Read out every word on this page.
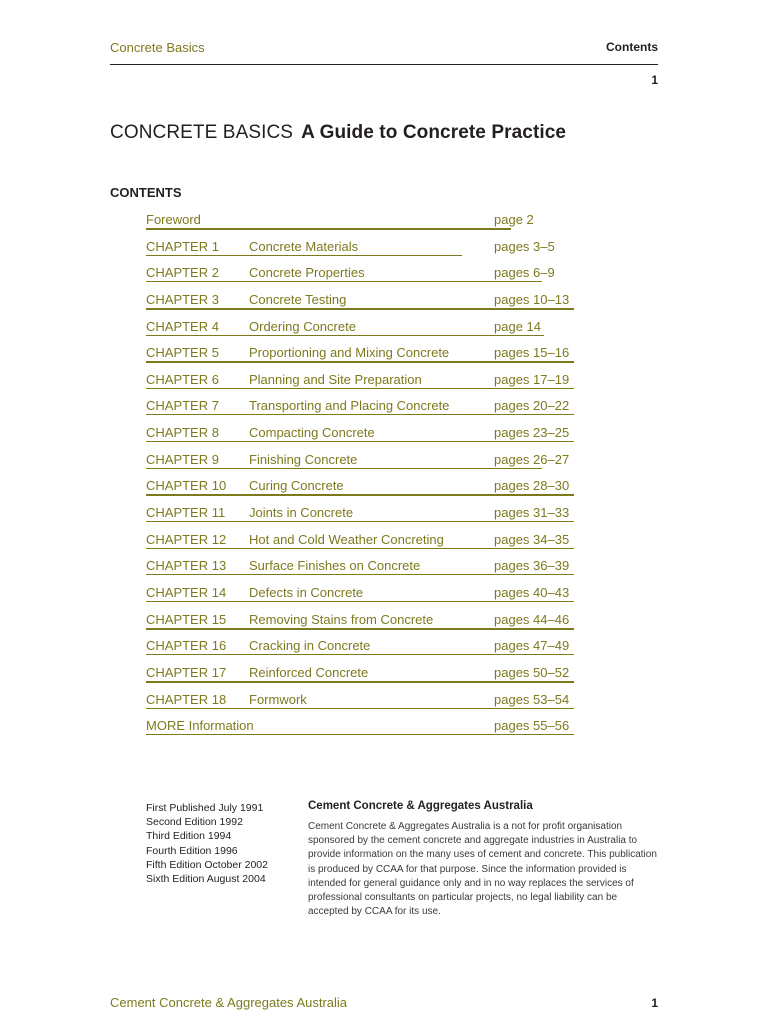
Concrete Basics	Contents
1
CONCRETE BASICS A Guide to Concrete Practice
CONTENTS
Foreword	page 2
CHAPTER 1 Concrete Materials	pages 3–5
CHAPTER 2 Concrete Properties	pages 6–9
CHAPTER 3 Concrete Testing	pages 10–13
CHAPTER 4 Ordering Concrete	page 14
CHAPTER 5 Proportioning and Mixing Concrete	pages 15–16
CHAPTER 6 Planning and Site Preparation	pages 17–19
CHAPTER 7 Transporting and Placing Concrete	pages 20–22
CHAPTER 8 Compacting Concrete	pages 23–25
CHAPTER 9 Finishing Concrete	pages 26–27
CHAPTER 10 Curing Concrete	pages 28–30
CHAPTER 11 Joints in Concrete	pages 31–33
CHAPTER 12 Hot and Cold Weather Concreting	pages 34–35
CHAPTER 13 Surface Finishes on Concrete	pages 36–39
CHAPTER 14 Defects in Concrete	pages 40–43
CHAPTER 15 Removing Stains from Concrete	pages 44–46
CHAPTER 16 Cracking in Concrete	pages 47–49
CHAPTER 17 Reinforced Concrete	pages 50–52
CHAPTER 18 Formwork	pages 53–54
MORE Information	pages 55–56
First Published July 1991
Second Edition 1992
Third Edition 1994
Fourth Edition 1996
Fifth Edition October 2002
Sixth Edition August 2004
Cement Concrete & Aggregates Australia
Cement Concrete & Aggregates Australia is a not for profit organisation sponsored by the cement concrete and aggregate industries in Australia to provide information on the many uses of cement and concrete. This publication is produced by CCAA for that purpose. Since the information provided is intended for general guidance only and in no way replaces the services of professional consultants on particular projects, no legal liability can be accepted by CCAA for its use.
Cement Concrete & Aggregates Australia	1
